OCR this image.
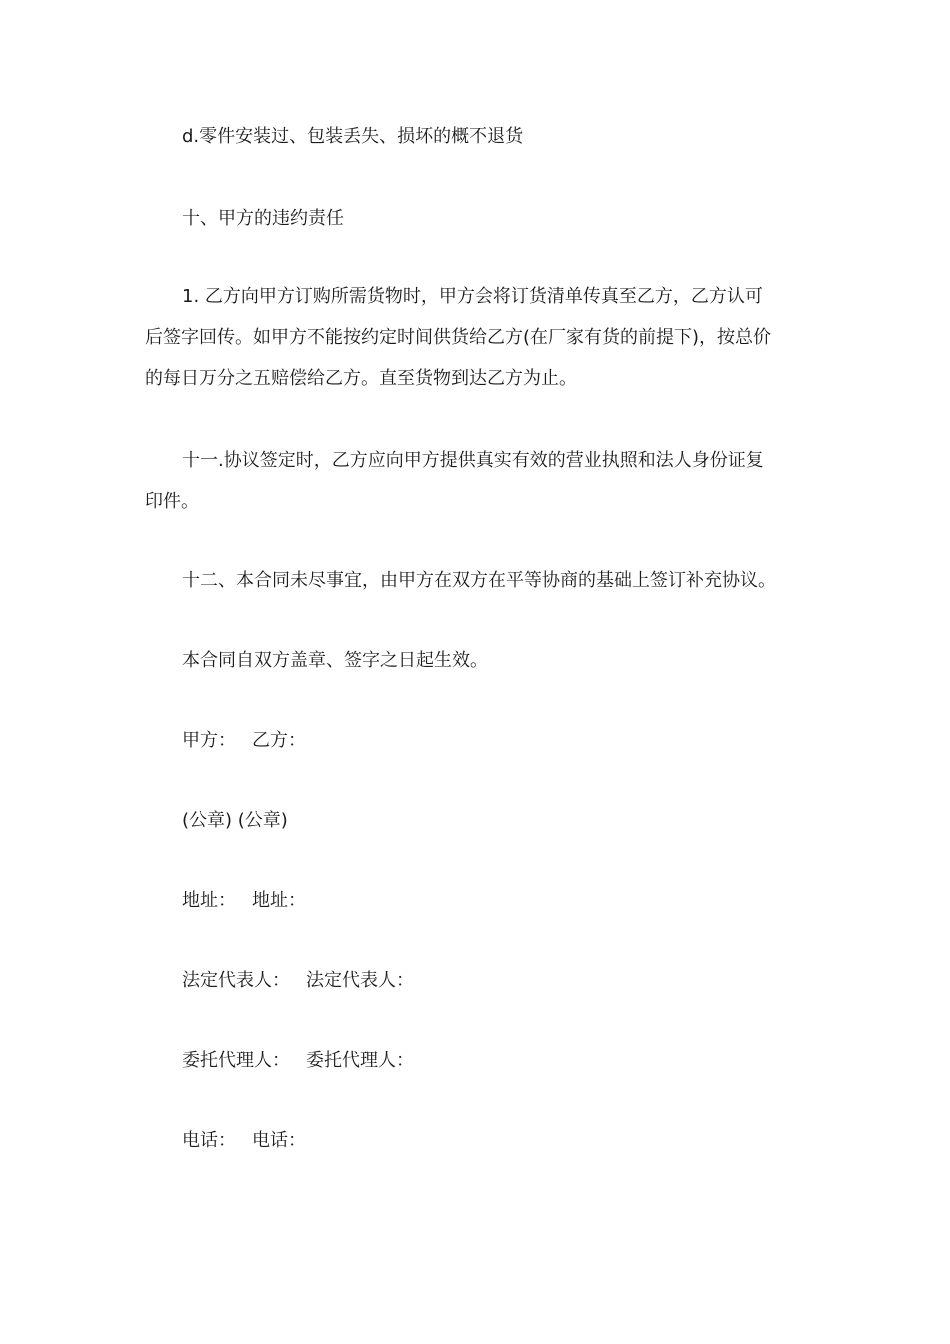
d.零件安装过、包装丢失、损坏的概不退货

十、甲方的违约责任

1. 乙方向甲方订购所需货物时，甲方会将订货清单传真至乙方，乙方认可
后签字回传。如甲方不能按约定时间供货给乙方(在厂家有货的前提下)，按总价
的每日万分之五赔偿给乙方。直至货物到达乙方为止。

十一.协议签定时，乙方应向甲方提供真实有效的营业执照和法人身份证复
印件。

十二、本合同未尽事宜，由甲方在双方在平等协商的基础上签订补充协议。

本合同自双方盖章、签字之日起生效。

甲方： 乙方：

(公章) (公章)

地址： 地址：

法定代表人： 法定代表人：

委托代理人： 委托代理人：

电话： 电话：
